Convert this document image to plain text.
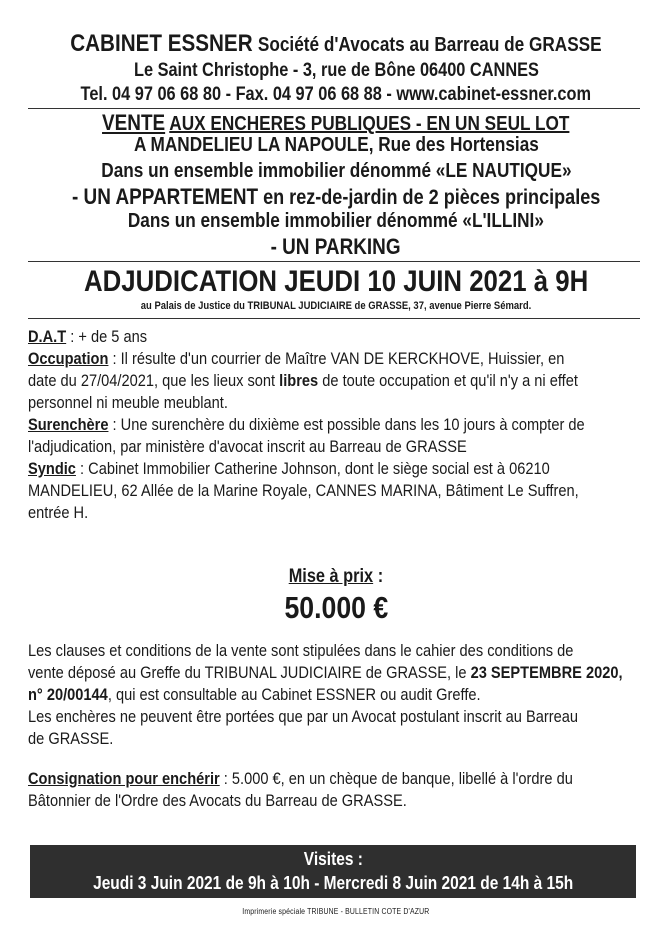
CABINET ESSNER Société d'Avocats au Barreau de GRASSE
Le Saint Christophe - 3, rue de Bône 06400 CANNES
Tel. 04 97 06 68 80 - Fax. 04 97 06 68 88 - www.cabinet-essner.com
VENTE AUX ENCHERES PUBLIQUES - EN UN SEUL LOT
A MANDELIEU LA NAPOULE, Rue des Hortensias
Dans un ensemble immobilier dénommé «LE NAUTIQUE»
- UN APPARTEMENT en rez-de-jardin de 2 pièces principales
Dans un ensemble immobilier dénommé «L'ILLINI»
- UN PARKING
ADJUDICATION JEUDI 10 JUIN 2021 à 9H
au Palais de Justice du TRIBUNAL JUDICIAIRE de GRASSE, 37, avenue Pierre Sémard.
D.A.T : + de 5 ans
Occupation : Il résulte d'un courrier de Maître VAN DE KERCKHOVE, Huissier, en
date du 27/04/2021, que les lieux sont libres de toute occupation et qu'il n'y a ni effet
personnel ni meuble meublant.
Surenchère : Une surenchère du dixième est possible dans les 10 jours à compter de
l'adjudication, par ministère d'avocat inscrit au Barreau de GRASSE
Syndic : Cabinet Immobilier Catherine Johnson, dont le siège social est à 06210
MANDELIEU, 62 Allée de la Marine Royale, CANNES MARINA, Bâtiment Le Suffren,
entrée H.
Mise à prix :
50.000 €
Les clauses et conditions de la vente sont stipulées dans le cahier des conditions de
vente déposé au Greffe du TRIBUNAL JUDICIAIRE de GRASSE, le 23 SEPTEMBRE 2020,
n° 20/00144, qui est consultable au Cabinet ESSNER ou audit Greffe.
Les enchères ne peuvent être portées que par un Avocat postulant inscrit au Barreau
de GRASSE.
Consignation pour enchérir : 5.000 €, en un chèque de banque, libellé à l'ordre du
Bâtonnier de l'Ordre des Avocats du Barreau de GRASSE.
Visites :
Jeudi 3 Juin 2021 de 9h à 10h - Mercredi 8 Juin 2021 de 14h à 15h
Imprimerie spéciale TRIBUNE - BULLETIN COTE D'AZUR
